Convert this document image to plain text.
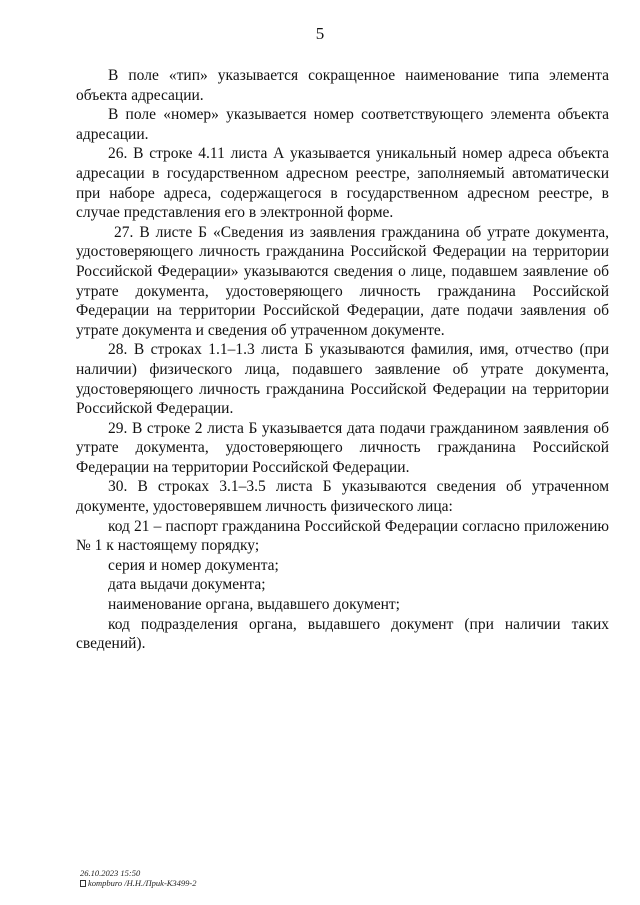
5

В поле «тип» указывается сокращенное наименование типа элемента объекта адресации.

В поле «номер» указывается номер соответствующего элемента объекта адресации.

26. В строке 4.11 листа А указывается уникальный номер адреса объекта адресации в государственном адресном реестре, заполняемый автоматически при наборе адреса, содержащегося в государственном адресном реестре, в случае представления его в электронной форме.

27. В листе Б «Сведения из заявления гражданина об утрате документа, удостоверяющего личность гражданина Российской Федерации на территории Российской Федерации» указываются сведения о лице, подавшем заявление об утрате документа, удостоверяющего личность гражданина Российской Федерации на территории Российской Федерации, дате подачи заявления об утрате документа и сведения об утраченном документе.

28. В строках 1.1–1.3 листа Б указываются фамилия, имя, отчество (при наличии) физического лица, подавшего заявление об утрате документа, удостоверяющего личность гражданина Российской Федерации на территории Российской Федерации.

29. В строке 2 листа Б указывается дата подачи гражданином заявления об утрате документа, удостоверяющего личность гражданина Российской Федерации на территории Российской Федерации.

30. В строках 3.1–3.5 листа Б указываются сведения об утраченном документе, удостоверявшем личность физического лица:

код 21 – паспорт гражданина Российской Федерации согласно приложению № 1 к настоящему порядку;

серия и номер документа;

дата выдачи документа;

наименование органа, выдавшего документ;

код подразделения органа, выдавшего документ (при наличии таких сведений).

26.10.2023 15:50
kompburo /Н.Н./Приk-К3499-2
